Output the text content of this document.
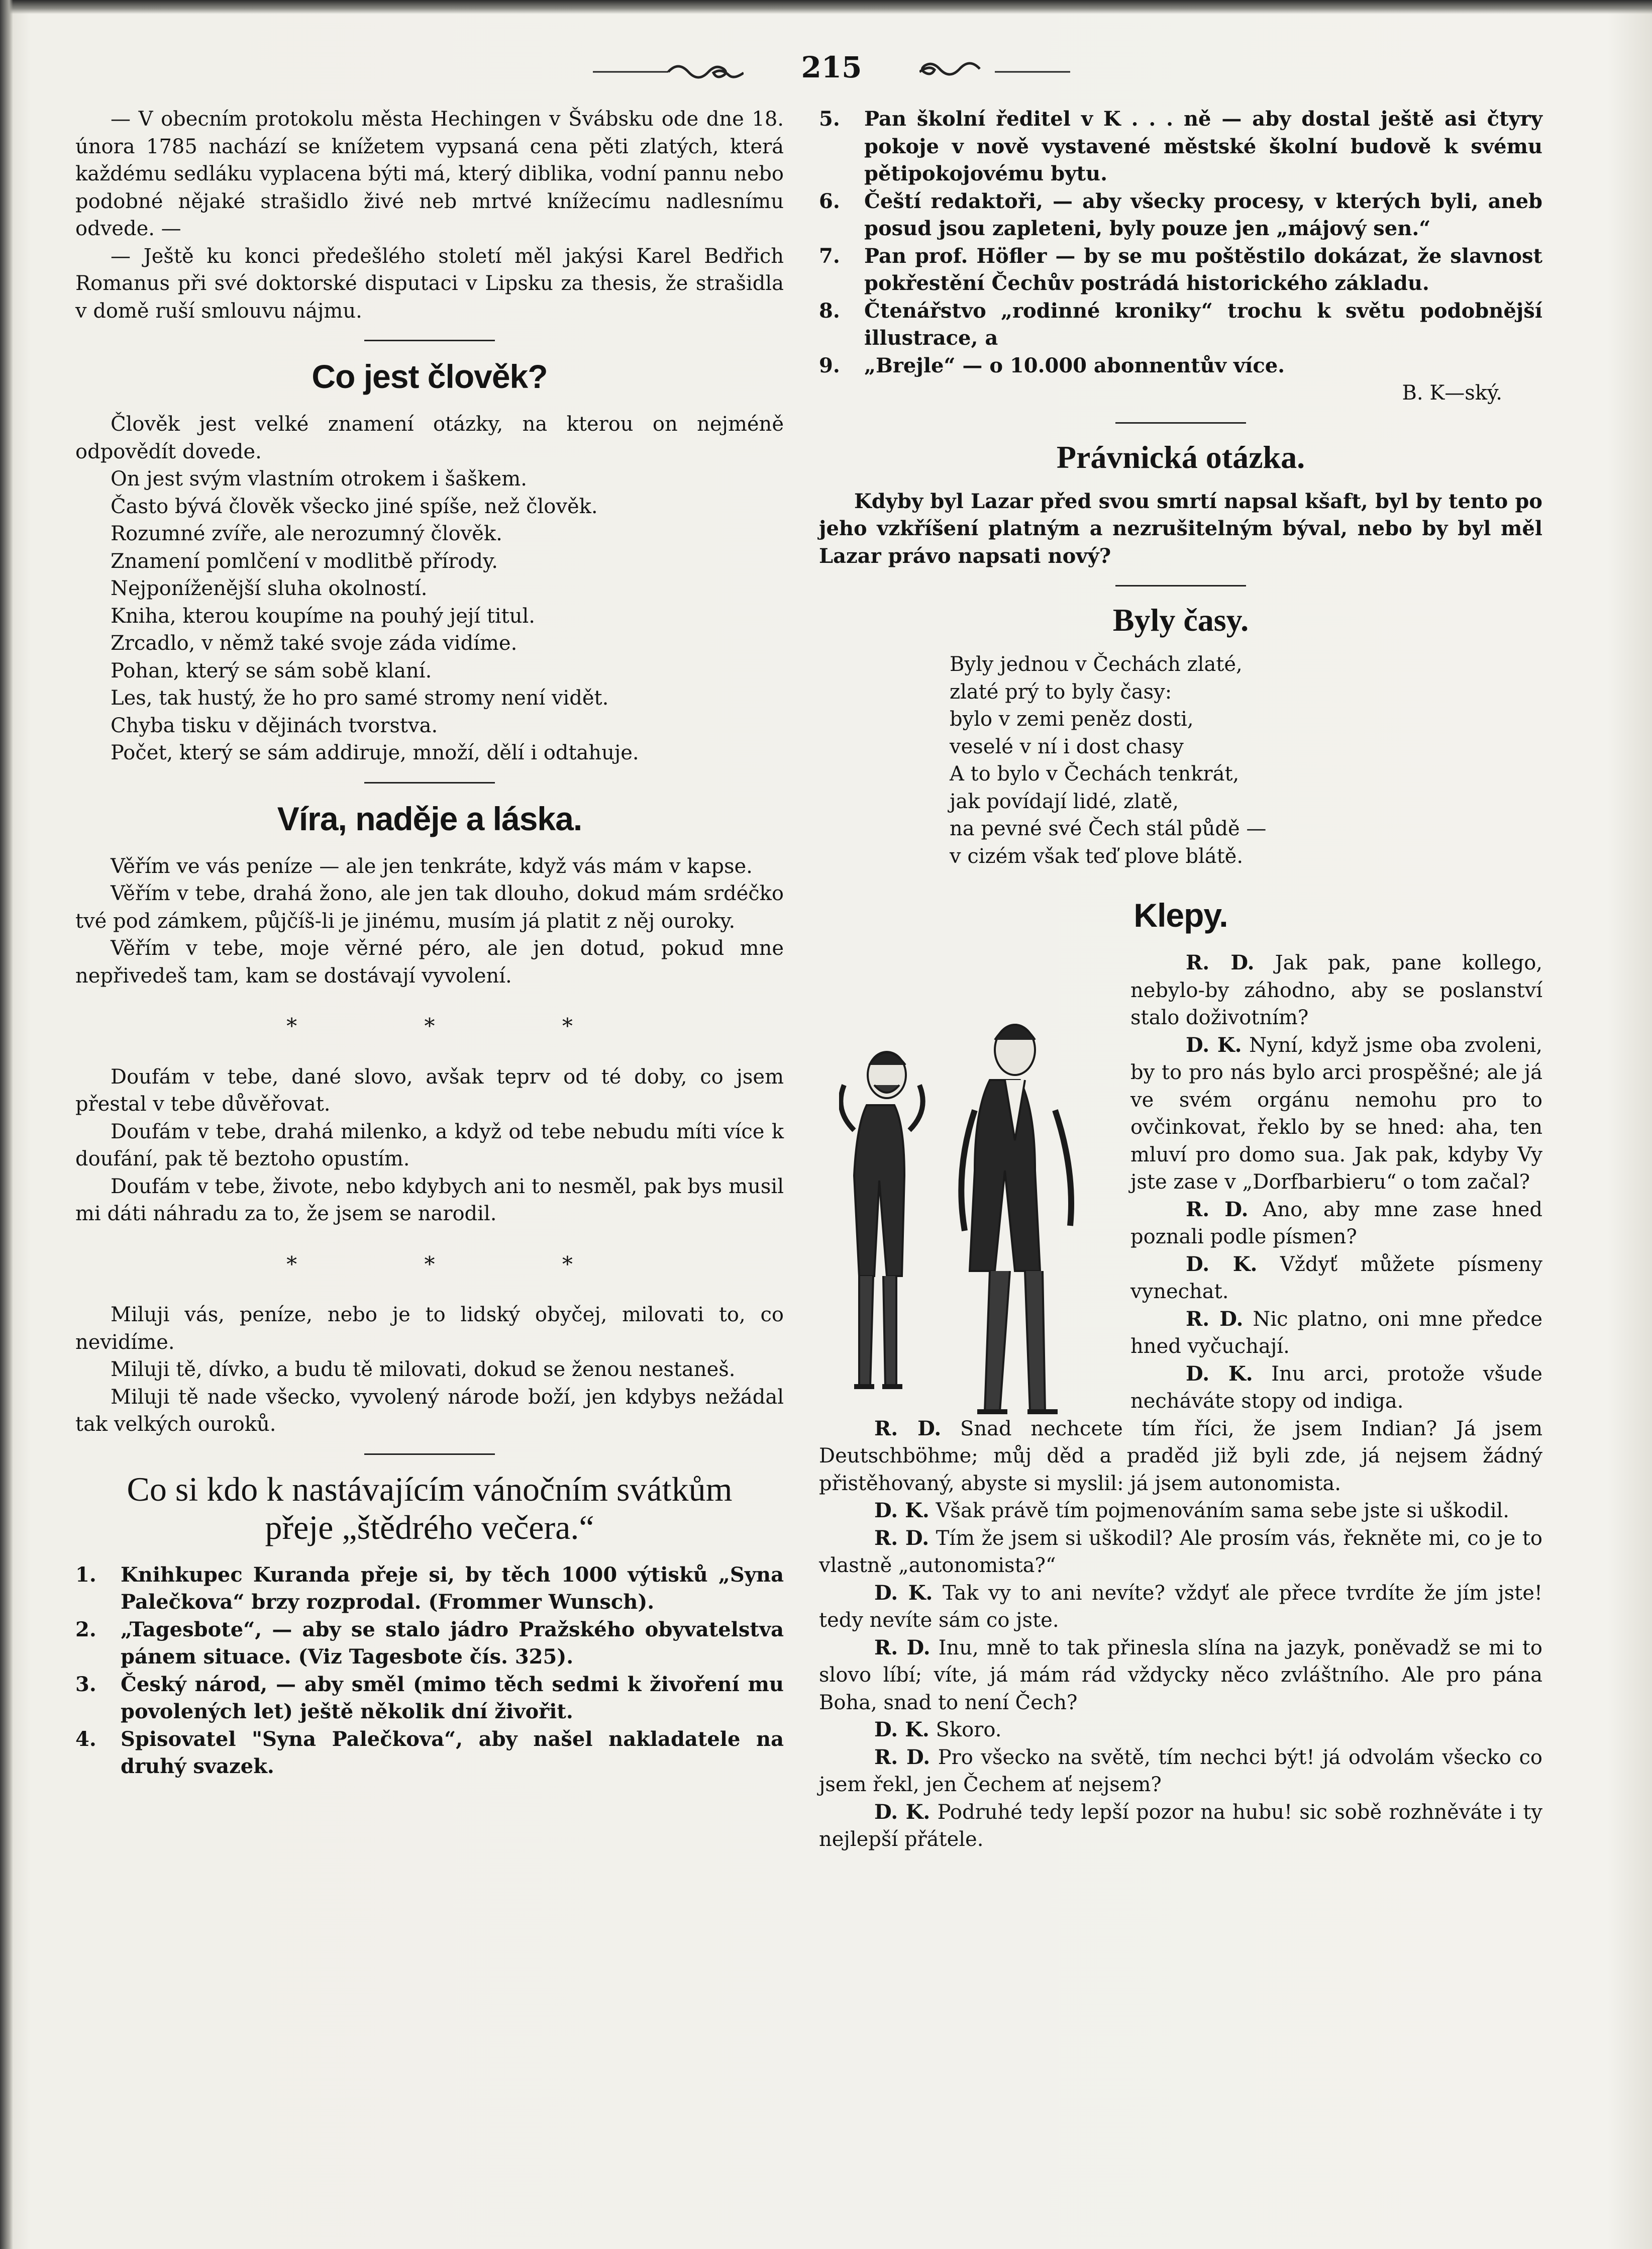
215

— V obecním protokolu města Hechingen v Švábsku ode dne 18. února 1785 nachází se knížetem vypsaná cena pěti zlatých, která každému sedláku vyplacena býti má, který diblika, vodní pannu nebo podobné nějaké strašidlo živé neb mrtvé knížecímu nadlesnímu odvede. —

— Ještě ku konci předešlého století měl jakýsi Karel Bedřich Romanus při své doktorské disputaci v Lipsku za thesis, že strašidla v domě ruší smlouvu nájmu.

Co jest člověk?

Člověk jest velké znamení otázky, na kterou on nejméně odpovědít dovede.

On jest svým vlastním otrokem i šaškem.

Často bývá člověk všecko jiné spíše, než člověk.

Rozumné zvíře, ale nerozumný člověk.

Znamení pomlčení v modlitbě přírody.

Nejponíženější sluha okolností.

Kniha, kterou koupíme na pouhý její titul.

Zrcadlo, v němž také svoje záda vidíme.

Pohan, který se sám sobě klaní.

Les, tak hustý, že ho pro samé stromy není vidět.

Chyba tisku v dějinách tvorstva.

Počet, který se sám addiruje, množí, dělí i odtahuje.

Víra, naděje a láska.

Věřím ve vás peníze — ale jen tenkráte, když vás mám v kapse.

Věřím v tebe, drahá žono, ale jen tak dlouho, dokud mám srdéčko tvé pod zámkem, půjčíš-li je jinému, musím já platit z něj ouroky.

Věřím v tebe, moje věrné péro, ale jen dotud, pokud mne nepřivedeš tam, kam se dostávají vyvolení.

* * *

Doufám v tebe, dané slovo, avšak teprv od té doby, co jsem přestal v tebe důvěřovat.

Doufám v tebe, drahá milenko, a když od tebe nebudu míti více k doufání, pak tě beztoho opustím.

Doufám v tebe, živote, nebo kdybych ani to nesměl, pak bys musil mi dáti náhradu za to, že jsem se narodil.

* * *

Miluji vás, peníze, nebo je to lidský obyčej, milovati to, co nevidíme.

Miluji tě, dívko, a budu tě milovati, dokud se ženou nestaneš.

Miluji tě nade všecko, vyvolený národe boží, jen kdybys nežádal tak velkých ouroků.

Co si kdo k nastávajícím vánočním svátkům
přeje „štědrého večera.“
1.	Knihkupec Kuranda přeje si, by těch 1000 výtisků „Syna Palečkova“ brzy rozprodal. (Frommer Wunsch).
2.	„Tagesbote“, — aby se stalo jádro Pražského obyvatelstva pánem situace. (Viz Tagesbote čís. 325).
3.	Český národ, — aby směl (mimo těch sedmi k živoření mu povolených let) ještě několik dní živořit.
4.	Spisovatel "Syna Palečkova“, aby našel nakladatele na druhý svazek.
5.	Pan školní ředitel v K . . . ně — aby dostal ještě asi čtyry pokoje v nově vystavené městské školní budově k svému pětipokojovému bytu.
6.	Čeští redaktoři, — aby všecky procesy, v kterých byli, aneb posud jsou zapleteni, byly pouze jen „májový sen.“
7.	Pan prof. Höfler — by se mu poštěstilo dokázat, že slavnost pokřestění Čechův postrádá historického základu.
8.	Čtenářstvo „rodinné kroniky“ trochu k světu podobnější illustrace, a
9.	„Brejle“ — o 10.000 abonnentův více.

B. K—ský.

Právnická otázka.

Kdyby byl Lazar před svou smrtí napsal kšaft, byl by tento po jeho vzkříšení platným a nezrušitelným býval, nebo by byl měl Lazar právo napsati nový?

Byly časy.

Byly jednou v Čechách zlaté,

zlaté prý to byly časy:

bylo v zemi peněz dosti,

veselé v ní i dost chasy

A to bylo v Čechách tenkrát,

jak povídají lidé, zlatě,

na pevné své Čech stál půdě —

v cizém však teď plove blátě.

Klepy.

R. D. Jak pak, pane kollego, nebylo-by záhodno, aby se poslanství stalo doživotním?

D. K. Nyní, když jsme oba zvoleni, by to pro nás bylo arci prospěšné; ale já ve svém orgánu nemohu pro to ovčinkovat, řeklo by se hned: aha, ten mluví pro domo sua. Jak pak, kdyby Vy jste zase v „Dorfbarbieru“ o tom začal?

R. D. Ano, aby mne zase hned poznali podle písmen?

D. K. Vždyť můžete písmeny vynechat.

R. D. Nic platno, oni mne předce hned vyčuchají.

D. K. Inu arci, protože všude necháváte stopy od indiga.

R. D. Snad nechcete tím říci, že jsem Indian? Já jsem Deutschböhme; můj děd a praděd již byli zde, já nejsem žádný přistěhovaný, abyste si myslil: já jsem autonomista.

D. K. Však právě tím pojmenováním sama sebe jste si uškodil.

R. D. Tím že jsem si uškodil? Ale prosím vás, řekněte mi, co je to vlastně „autonomista?“

D. K. Tak vy to ani nevíte? vždyť ale přece tvrdíte že jím jste! tedy nevíte sám co jste.

R. D. Inu, mně to tak přinesla slína na jazyk, poněvadž se mi to slovo líbí; víte, já mám rád vždycky něco zvláštního. Ale pro pána Boha, snad to není Čech?

D. K. Skoro.

R. D. Pro všecko na světě, tím nechci být! já odvolám všecko co jsem řekl, jen Čechem ať nejsem?

D. K. Podruhé tedy lepší pozor na hubu! sic sobě rozhněváte i ty nejlepší přátele.
